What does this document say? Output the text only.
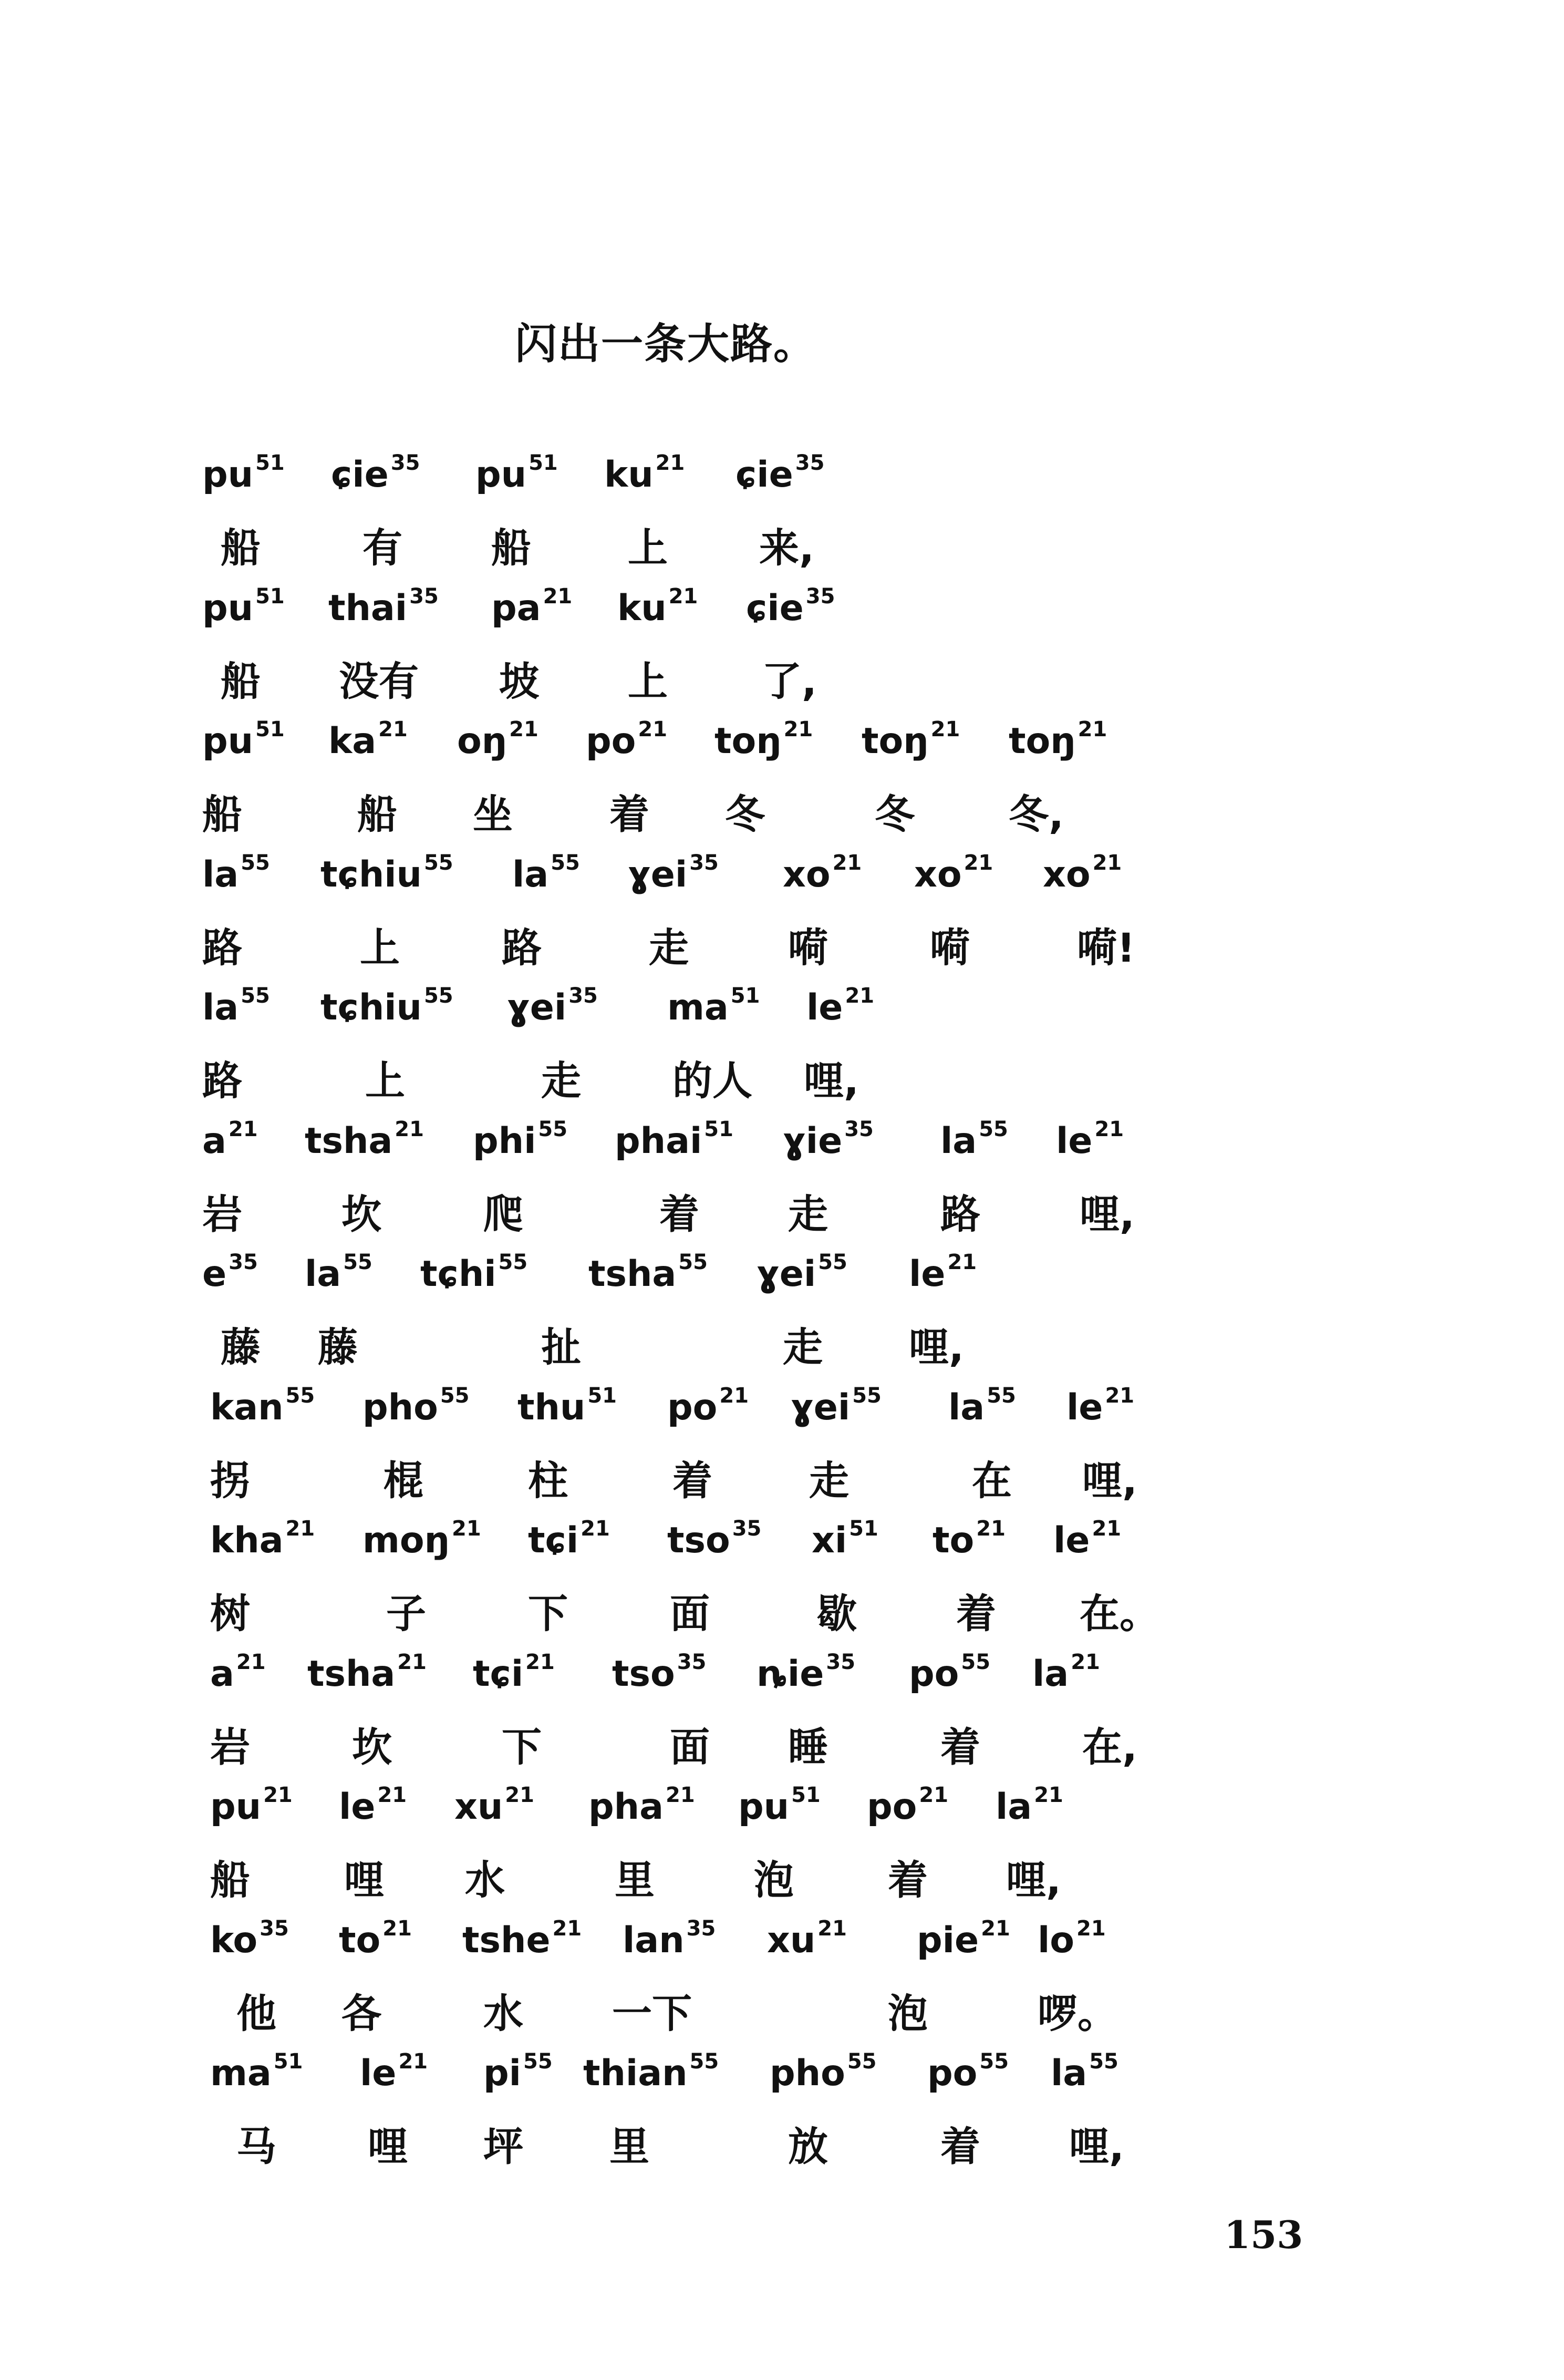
闪出一条大路。
pu $^{51}$ ɕie $^{35}$ pu $^{51}$ ku $^{21}$ ɕie $^{35}$
船	有 船 上 来,
pu $^{51}$ thai $^{35}$ pa $^{21}$ ku $^{21}$ ɕie $^{35}$
船 没有 坡 上 了,
pu $^{51}$ ka $^{21}$ oŋ $^{21}$ po $^{21}$ toŋ $^{21}$ toŋ $^{21}$ toŋ $^{21}$
船	船 坐 着 冬	冬 冬,
la $^{55}$ tɕhiu $^{55}$ la $^{55}$ ɣei $^{35}$ xo $^{21}$ xo $^{21}$ xo $^{21}$
路	上	路	走 嗬	嗬	嗬!
la $^{55}$ tɕhiu $^{55}$ ɣei $^{35}$ ma $^{51}$ le $^{21}$
路	上	走 的人 哩,
a $^{21}$ tsha $^{21}$ phi $^{55}$ phai $^{51}$ ɣie $^{35}$ la $^{55}$ le $^{21}$
岩 坎	爬	着 走	路 哩,
e $^{35}$ la $^{55}$ tɕhi $^{55}$ tsha $^{55}$ ɣei $^{55}$ le $^{21}$
藤 藤	扯	走 哩,
kan $^{55}$ pho $^{55}$ thu $^{51}$ po $^{21}$ ɣei $^{55}$ la $^{55}$ le $^{21}$
拐	棍	柱	着 走	在 哩,
kha $^{21}$ moŋ $^{21}$ tɕi $^{21}$ tso $^{35}$ xi $^{51}$ to $^{21}$ le $^{21}$
树	子	下	面	歇 着 在。
a $^{21}$ tsha $^{21}$ tɕi $^{21}$ tso $^{35}$ ȵie $^{35}$ po $^{55}$ la $^{21}$
岩	坎	下	面 睡	着	在,
pu $^{21}$ le $^{21}$ xu $^{21}$ pha $^{21}$ pu $^{51}$ po $^{21}$ la $^{21}$
船 哩 水	里 泡 着 哩,
ko $^{35}$ to $^{21}$ tshe $^{21}$ lan $^{35}$ xu $^{21}$ pie $^{21}$ lo $^{21}$
他 各	水 一下	泡	啰。
ma $^{51}$ le $^{21}$ pi $^{55}$ thian $^{55}$ pho $^{55}$ po $^{55}$ la $^{55}$
马 哩 坪 里	放	着 哩,
153
